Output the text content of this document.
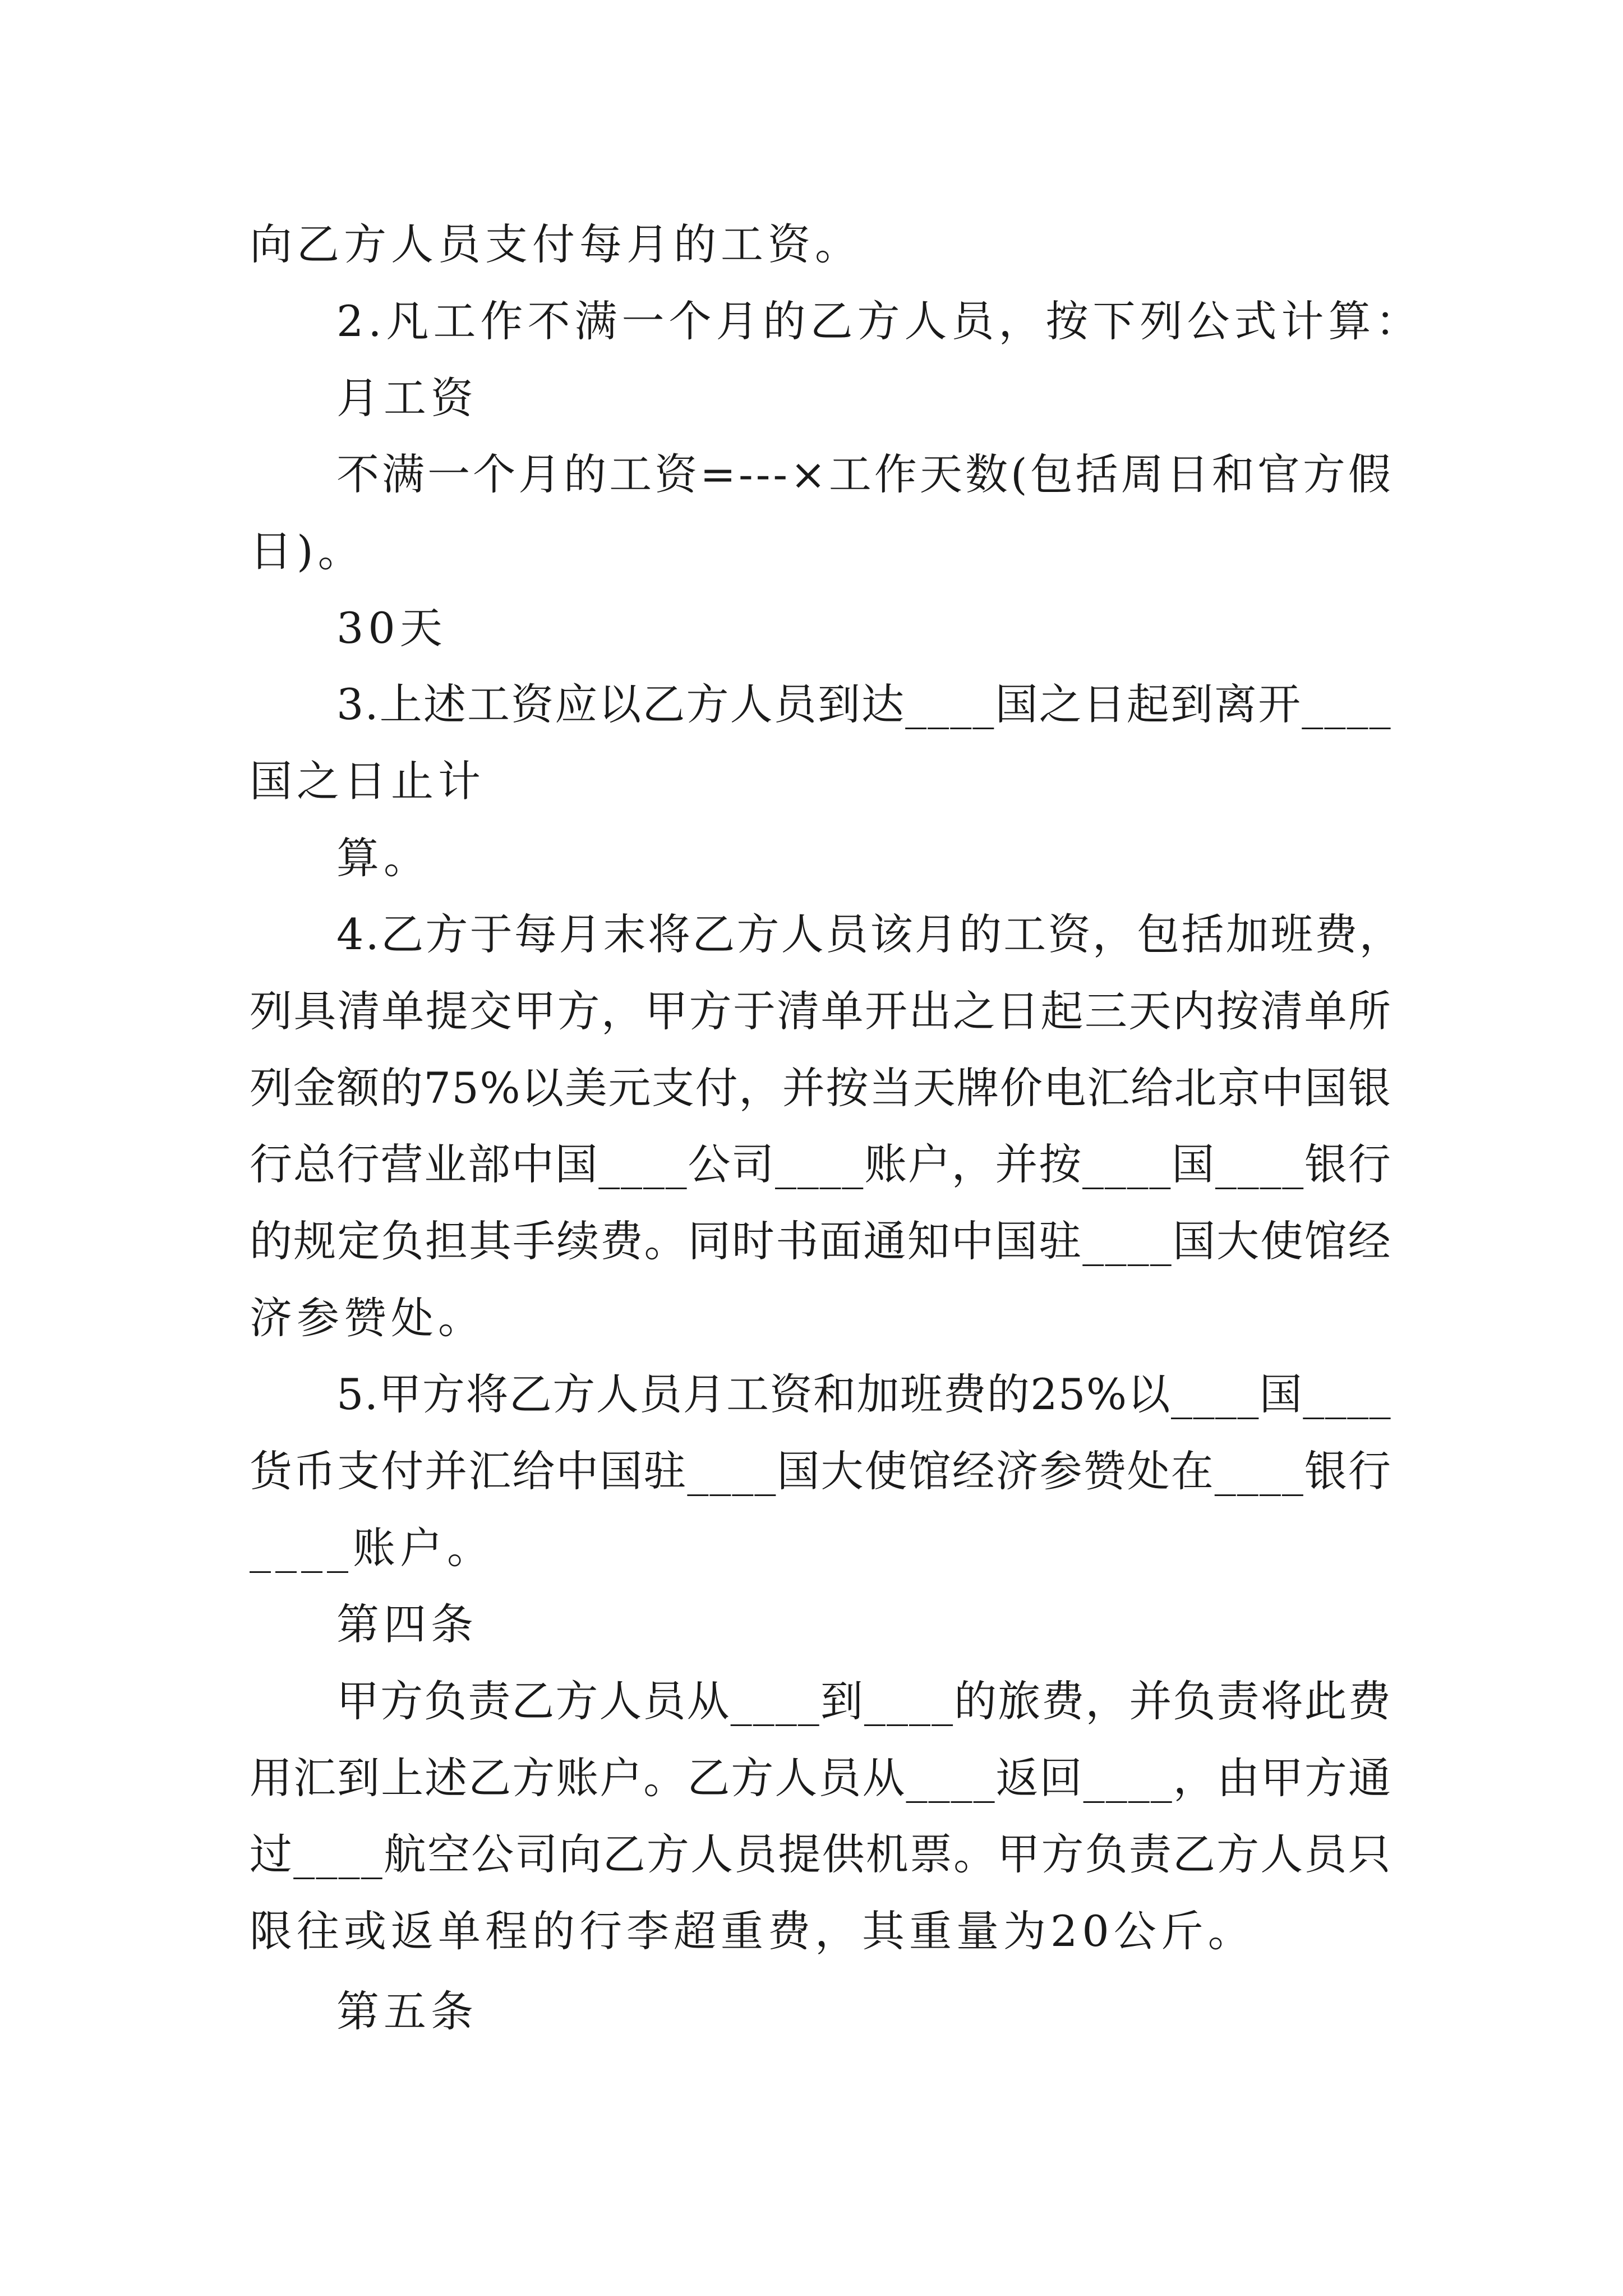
向乙方人员支付每月的工资。
2.凡工作不满一个月的乙方人员，按下列公式计算：
月工资
不 满 一 个 月 的 工 资 = - - - × 工 作 天 数 ( 包 括 周 日 和 官 方 假
日)。
30天
3 . 上 述 工 资 应 以 乙 方 人 员 到 达 _ _ _ _ 国 之 日 起 到 离 开 _ _ _ _
国之日止计
算。
4 . 乙 方 于 每 月 末 将 乙 方 人 员 该 月 的 工 资 ， 包 括 加 班 费 ，
列 具 清 单 提 交 甲 方 ， 甲 方 于 清 单 开 出 之 日 起 三 天 内 按 清 单 所
列 金 额 的 7 5 % 以 美 元 支 付 ， 并 按 当 天 牌 价 电 汇 给 北 京 中 国 银
行 总 行 营 业 部 中 国 _ _ _ _ 公 司 _ _ _ _ 账 户 ， 并 按 _ _ _ _ 国 _ _ _ _ 银 行
的 规 定 负 担 其 手 续 费 。 同 时 书 面 通 知 中 国 驻 _ _ _ _ 国 大 使 馆 经
济参赞处。
5 . 甲 方 将 乙 方 人 员 月 工 资 和 加 班 费 的 2 5 % 以 _ _ _ _ 国 _ _ _ _
货 币 支 付 并 汇 给 中 国 驻 _ _ _ _ 国 大 使 馆 经 济 参 赞 处 在 _ _ _ _ 银 行
____账户。
第四条
甲 方 负 责 乙 方 人 员 从 _ _ _ _ 到 _ _ _ _ 的 旅 费 ， 并 负 责 将 此 费
用 汇 到 上 述 乙 方 账 户 。 乙 方 人 员 从 _ _ _ _ 返 回 _ _ _ _ ， 由 甲 方 通
过 _ _ _ _ 航 空 公 司 向 乙 方 人 员 提 供 机 票 。 甲 方 负 责 乙 方 人 员 只
限往或返单程的行李超重费，其重量为20公斤。
第五条
